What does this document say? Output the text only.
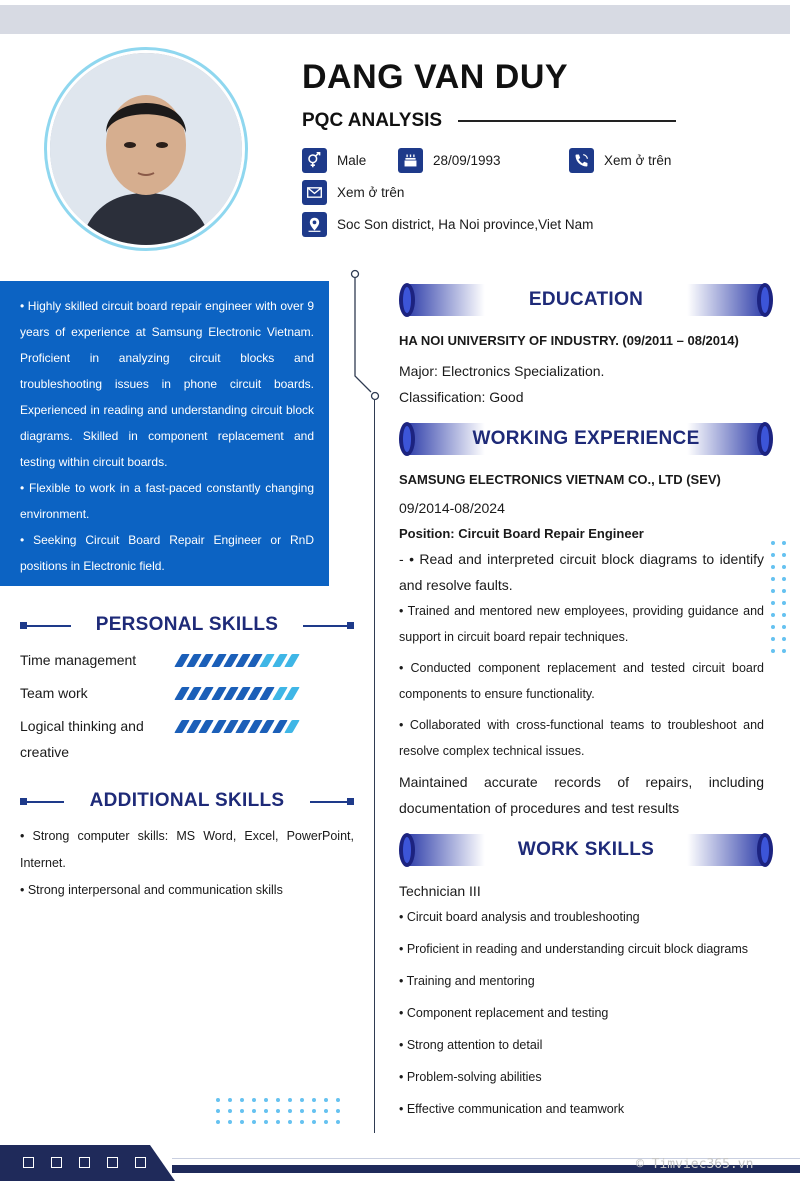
DANG VAN DUY
PQC ANALYSIS
Male	28/09/1993	Xem ở trên
Xem ở trên
Soc Son district, Ha Noi province,Viet Nam

• Highly skilled circuit board repair engineer with over 9 years of experience at Samsung Electronic Vietnam. Proficient in analyzing circuit blocks and troubleshooting issues in phone circuit boards. Experienced in reading and understanding circuit block diagrams. Skilled in component replacement and testing within circuit boards.

• Flexible to work in a fast-paced constantly changing environment.

• Seeking Circuit Board Repair Engineer or RnD positions in Electronic field.

PERSONAL SKILLS
Time management
Team work
Logical thinking and creative
ADDITIONAL SKILLS
• Strong computer skills: MS Word, Excel, PowerPoint, Internet.
• Strong interpersonal and communication skills
EDUCATION
HA NOI UNIVERSITY OF INDUSTRY. (09/2011 – 08/2014)
Major: Electronics Specialization.
Classification: Good
WORKING EXPERIENCE
SAMSUNG ELECTRONICS VIETNAM CO., LTD (SEV)
09/2014-08/2024
Position: Circuit Board Repair Engineer
- • Read and interpreted circuit block diagrams to identify and resolve faults.
• Trained and mentored new employees, providing guidance and support in circuit board repair techniques.
• Conducted component replacement and tested circuit board components to ensure functionality.
• Collaborated with cross-functional teams to troubleshoot and resolve complex technical issues.
Maintained accurate records of repairs, including documentation of procedures and test results
WORK SKILLS
Technician III
• Circuit board analysis and troubleshooting
• Proficient in reading and understanding circuit block diagrams
• Training and mentoring
• Component replacement and testing
• Strong attention to detail
• Problem-solving abilities
• Effective communication and teamwork
© Timviec365.vn
